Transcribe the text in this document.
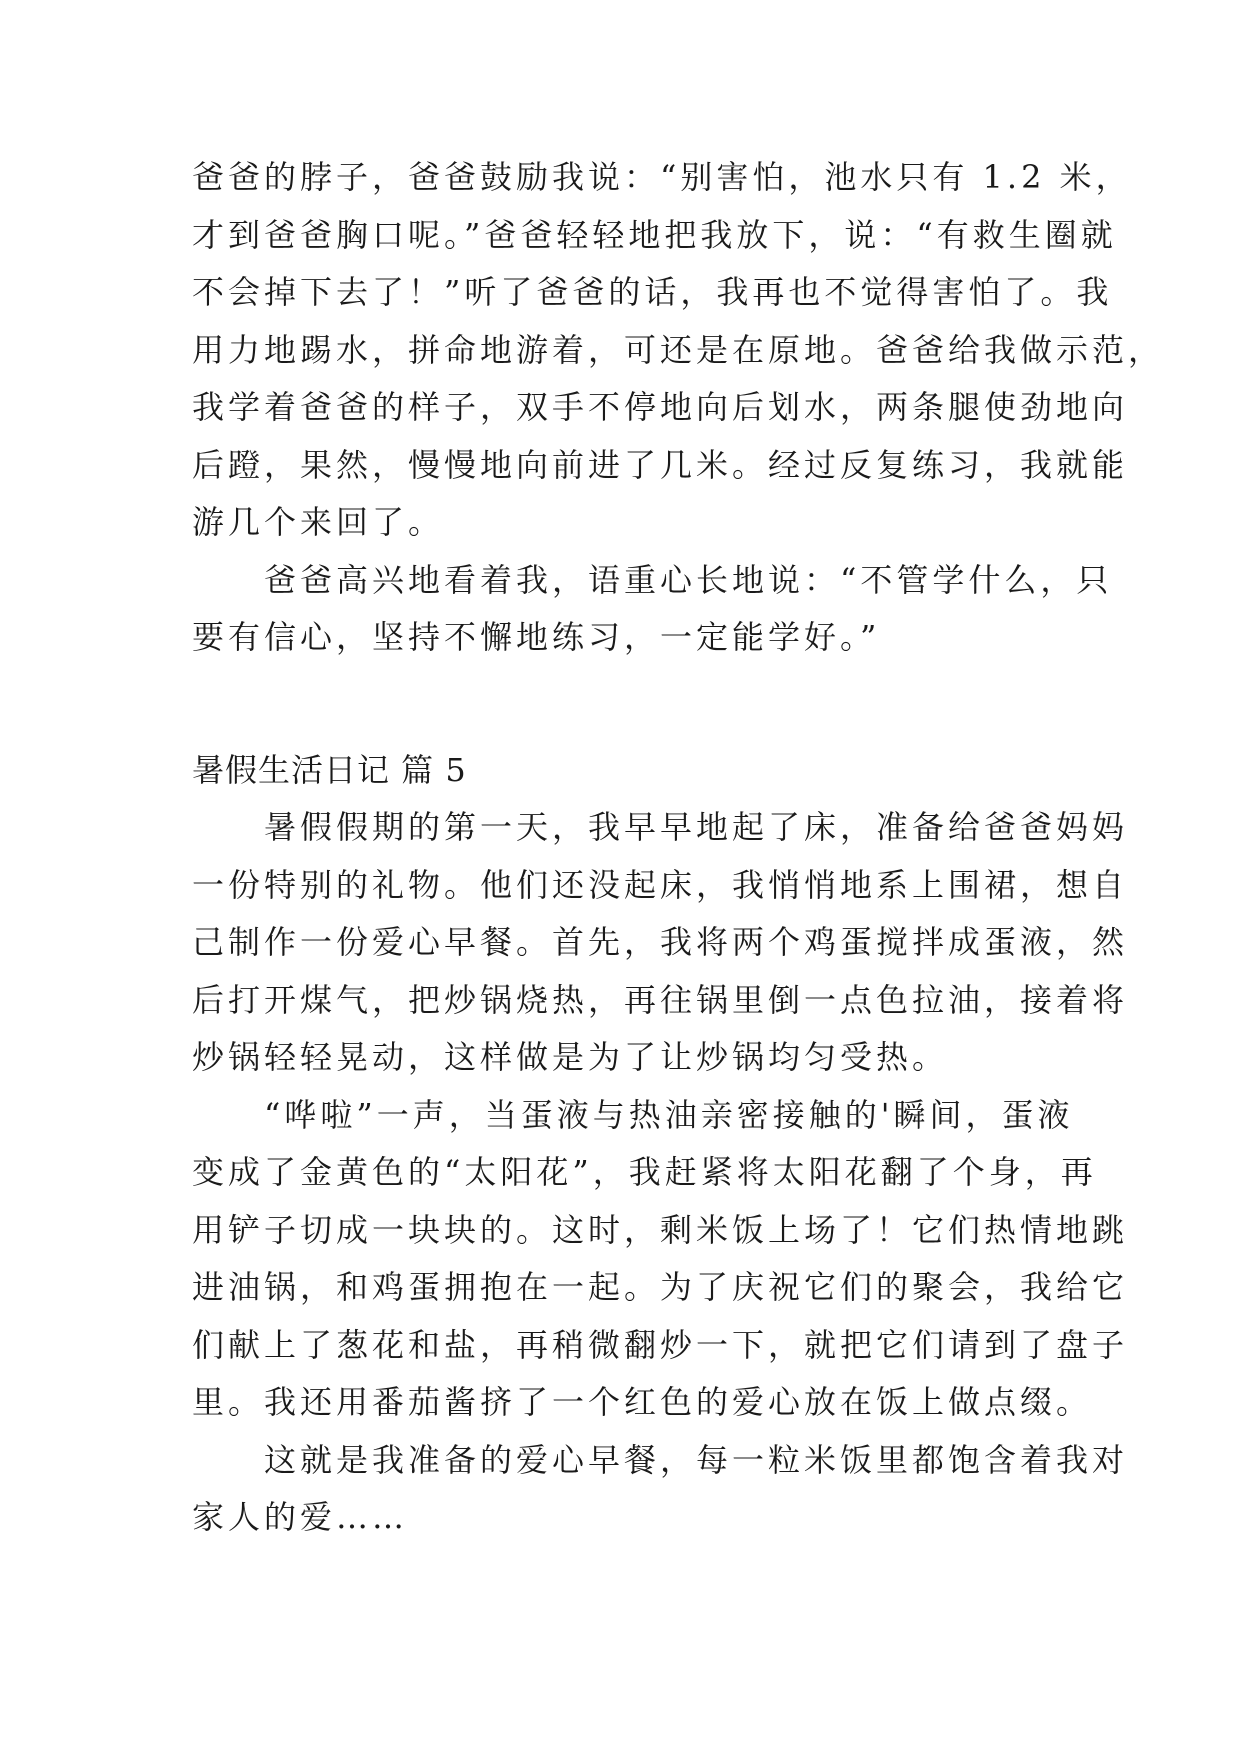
爸爸的脖子，爸爸鼓励我说：“别害怕，池水只有 1.2 米，
才到爸爸胸口呢。”爸爸轻轻地把我放下，说：“有救生圈就
不会掉下去了！”听了爸爸的话，我再也不觉得害怕了。我
用力地踢水，拼命地游着，可还是在原地。爸爸给我做示范，
我学着爸爸的样子，双手不停地向后划水，两条腿使劲地向
后蹬，果然，慢慢地向前进了几米。经过反复练习，我就能
游几个来回了。
　　爸爸高兴地看着我，语重心长地说：“不管学什么，只
要有信心，坚持不懈地练习，一定能学好。”
暑假生活日记 篇 5
　　暑假假期的第一天，我早早地起了床，准备给爸爸妈妈
一份特别的礼物。他们还没起床，我悄悄地系上围裙，想自
己制作一份爱心早餐。首先，我将两个鸡蛋搅拌成蛋液，然
后打开煤气，把炒锅烧热，再往锅里倒一点色拉油，接着将
炒锅轻轻晃动，这样做是为了让炒锅均匀受热。
　　“哗啦”一声，当蛋液与热油亲密接触的'瞬间，蛋液
变成了金黄色的“太阳花”，我赶紧将太阳花翻了个身，再
用铲子切成一块块的。这时，剩米饭上场了！它们热情地跳
进油锅，和鸡蛋拥抱在一起。为了庆祝它们的聚会，我给它
们献上了葱花和盐，再稍微翻炒一下，就把它们请到了盘子
里。我还用番茄酱挤了一个红色的爱心放在饭上做点缀。
　　这就是我准备的爱心早餐，每一粒米饭里都饱含着我对
家人的爱……
